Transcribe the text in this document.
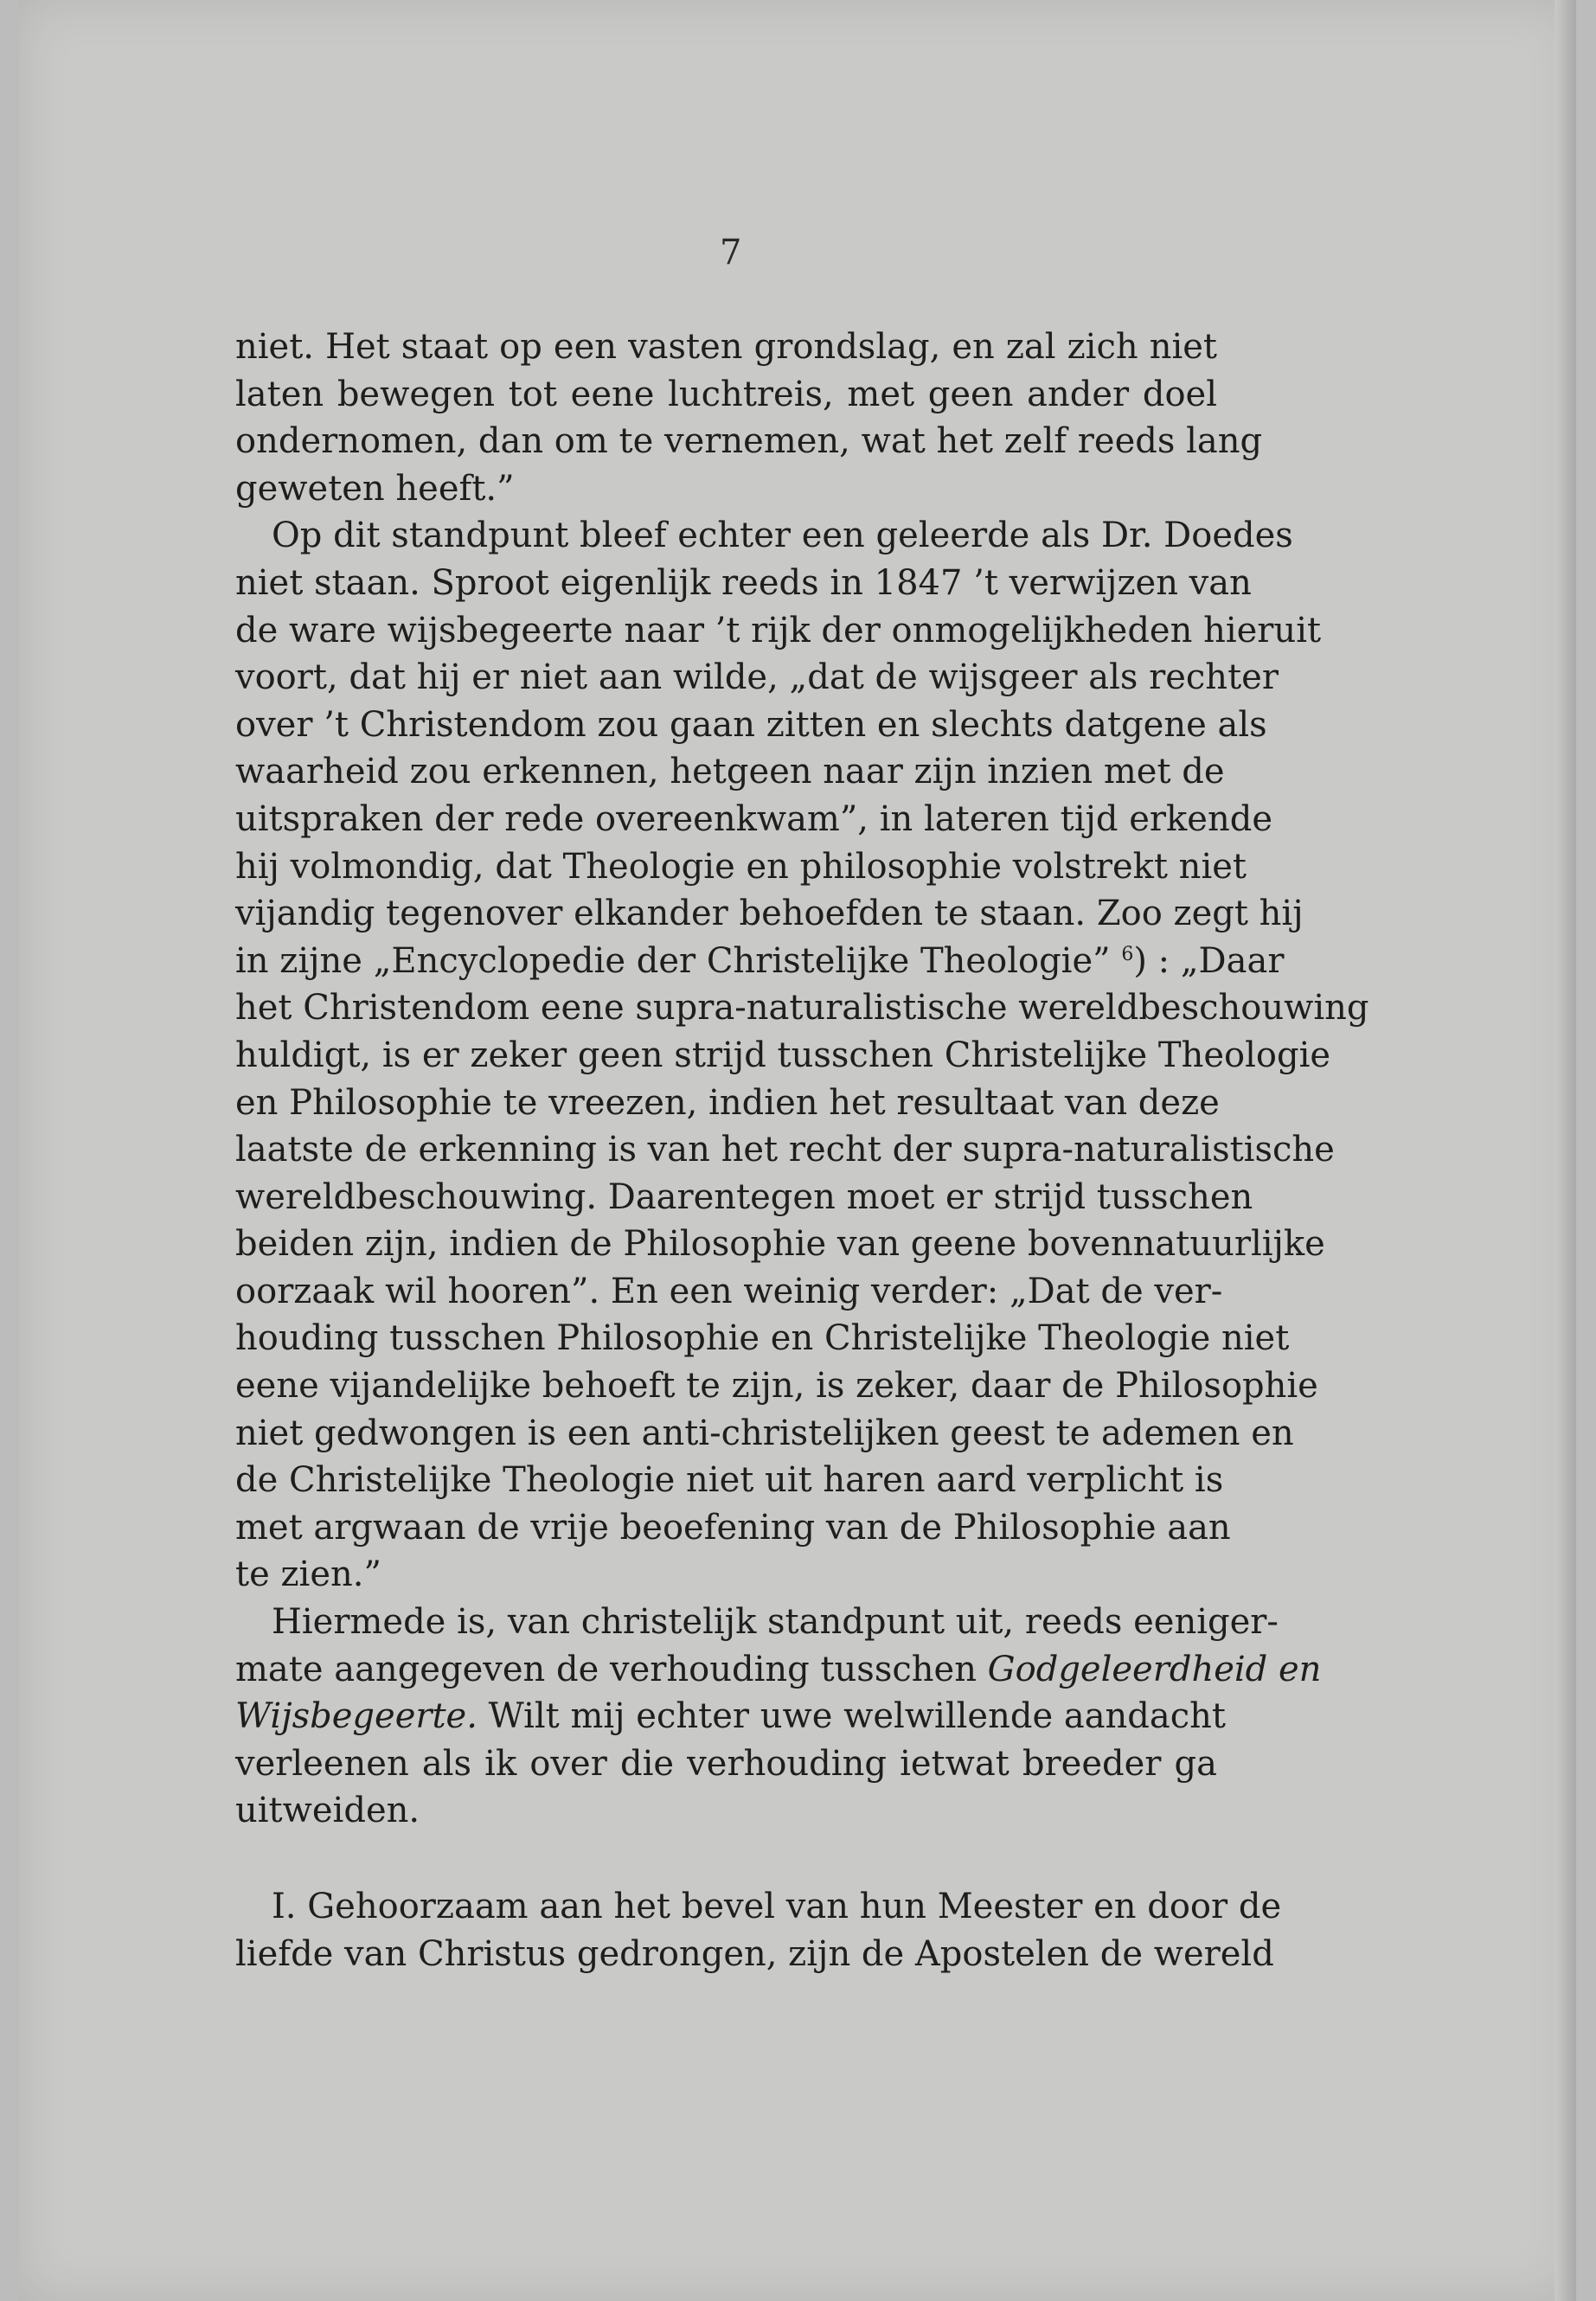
7
niet. Het staat op een vasten grondslag, en zal zich niet
laten bewegen tot eene luchtreis, met geen ander doel
ondernomen, dan om te vernemen, wat het zelf reeds lang
geweten heeft.”
Op dit standpunt bleef echter een geleerde als Dr. Doedes
niet staan. Sproot eigenlijk reeds in 1847 ’t verwijzen van
de ware wijsbegeerte naar ’t rijk der onmogelijkheden hieruit
voort, dat hij er niet aan wilde, „dat de wijsgeer als rechter
over ’t Christendom zou gaan zitten en slechts datgene als
waarheid zou erkennen, hetgeen naar zijn inzien met de
uitspraken der rede overeenkwam”, in lateren tijd erkende
hij volmondig, dat Theologie en philosophie volstrekt niet
vijandig tegenover elkander behoefden te staan. Zoo zegt hij
in zijne „Encyclopedie der Christelijke Theologie” $^6$) : „Daar
het Christendom eene supra-naturalistische wereldbeschouwing
huldigt, is er zeker geen strijd tusschen Christelijke Theologie
en Philosophie te vreezen, indien het resultaat van deze
laatste de erkenning is van het recht der supra-naturalistische
wereldbeschouwing. Daarentegen moet er strijd tusschen
beiden zijn, indien de Philosophie van geene bovennatuurlijke
oorzaak wil hooren”. En een weinig verder: „Dat de ver-
houding tusschen Philosophie en Christelijke Theologie niet
eene vijandelijke behoeft te zijn, is zeker, daar de Philosophie
niet gedwongen is een anti-christelijken geest te ademen en
de Christelijke Theologie niet uit haren aard verplicht is
met argwaan de vrije beoefening van de Philosophie aan
te zien.”
Hiermede is, van christelijk standpunt uit, reeds eeniger-
mate aangegeven de verhouding tusschen Godgeleerdheid en
Wijsbegeerte. Wilt mij echter uwe welwillende aandacht
verleenen als ik over die verhouding ietwat breeder ga
uitweiden.
I. Gehoorzaam aan het bevel van hun Meester en door de
liefde van Christus gedrongen, zijn de Apostelen de wereld
